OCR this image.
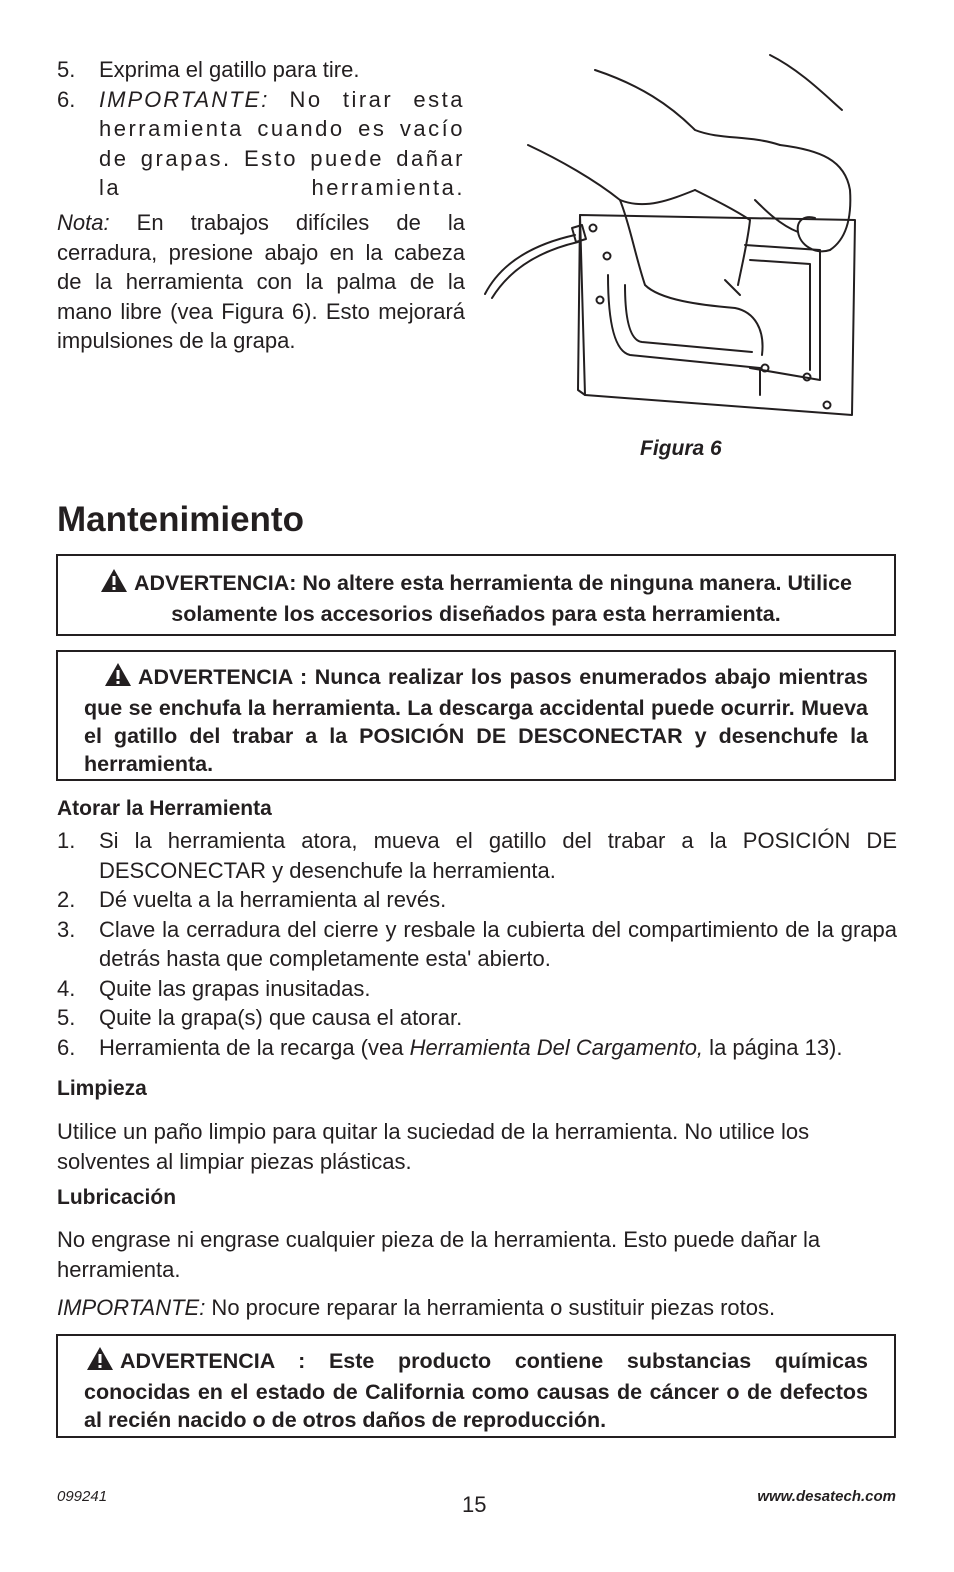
5. Exprima el gatillo para tire.
6. IMPORTANTE: No tirar esta herramienta cuando es vacío de grapas. Esto puede dañar la herramienta.
Nota: En trabajos difíciles de la cerradura, presione abajo en la cabeza de la herramienta con la palma de la mano libre (vea Figura 6). Esto mejorará impulsiones de la grapa.
Figura 6
Mantenimiento
ADVERTENCIA: No altere esta herramienta de ninguna manera. Utilice solamente los accesorios diseñados para esta herramienta.
ADVERTENCIA : Nunca realizar los pasos enumerados abajo mientras que se enchufa la herramienta. La descarga accidental puede ocurrir. Mueva el gatillo del trabar a la POSICIÓN DE DESCONECTAR y desenchufe la herramienta.
Atorar la Herramienta
1. Si la herramienta atora, mueva el gatillo del trabar a la POSICIÓN DE DESCONECTAR y desenchufe la herramienta.
2. Dé vuelta a la herramienta al revés.
3. Clave la cerradura del cierre y resbale la cubierta del compartimiento de la grapa detrás hasta que completamente esta' abierto.
4. Quite las grapas inusitadas.
5. Quite la grapa(s) que causa el atorar.
6. Herramienta de la recarga (vea Herramienta Del Cargamento, la página 13).
Limpieza
Utilice un paño limpio para quitar la suciedad de la herramienta. No utilice los solventes al limpiar piezas plásticas.
Lubricación
No engrase ni engrase cualquier pieza de la herramienta. Esto puede dañar la herramienta.
IMPORTANTE: No procure reparar la herramienta o sustituir piezas rotos.
ADVERTENCIA : Este producto contiene substancias químicas conocidas en el estado de California como causas de cáncer o de defectos al recién nacido o de otros daños de reproducción.
099241	15	www.desatech.com
